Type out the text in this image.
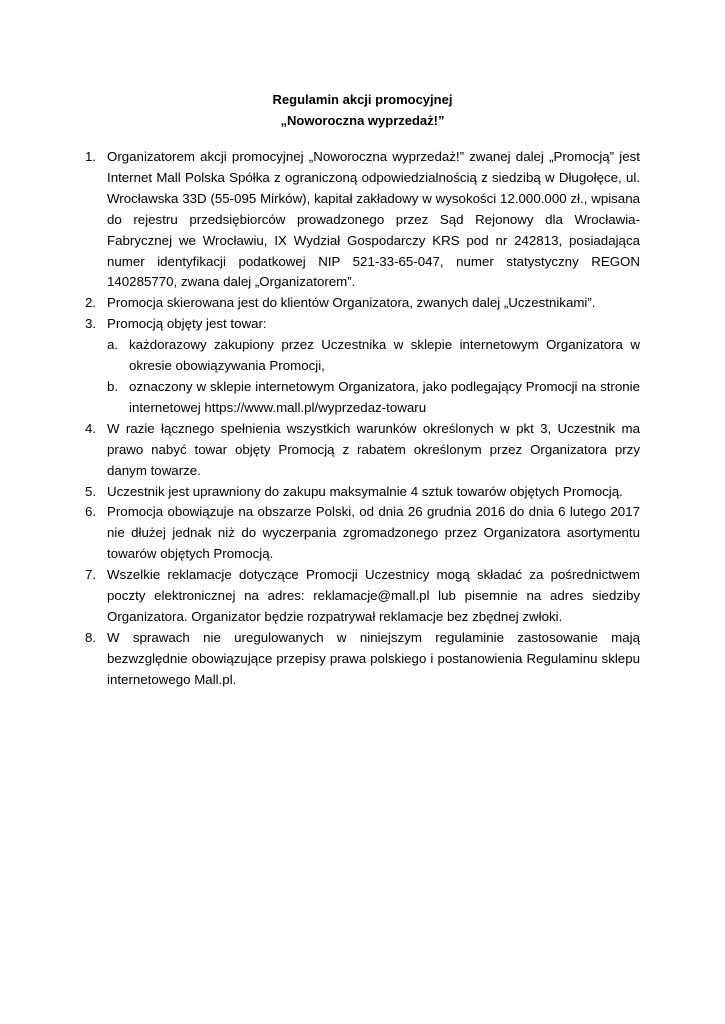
Regulamin akcji promocyjnej
„Noworoczna wyprzedaż!”
1. Organizatorem akcji promocyjnej „Noworoczna wyprzedaż!” zwanej dalej „Promocją” jest Internet Mall Polska Spółka z ograniczoną odpowiedzialnością z siedzibą w Długołęce, ul. Wrocławska 33D (55-095 Mirków), kapitał zakładowy w wysokości 12.000.000 zł., wpisana do rejestru przedsiębiorców prowadzonego przez Sąd Rejonowy dla Wrocławia-Fabrycznej we Wrocławiu, IX Wydział Gospodarczy KRS pod nr 242813, posiadająca numer identyfikacji podatkowej NIP 521-33-65-047, numer statystyczny REGON 140285770, zwana dalej „Organizatorem”.
2. Promocja skierowana jest do klientów Organizatora, zwanych dalej „Uczestnikami”.
3. Promocją objęty jest towar:
a. każdorazowy zakupiony przez Uczestnika w sklepie internetowym Organizatora w okresie obowiązywania Promocji,
b. oznaczony w sklepie internetowym Organizatora, jako podlegający Promocji na stronie internetowej https://www.mall.pl/wyprzedaz-towaru
4. W razie łącznego spełnienia wszystkich warunków określonych w pkt 3, Uczestnik ma prawo nabyć towar objęty Promocją z rabatem określonym przez Organizatora przy danym towarze.
5. Uczestnik jest uprawniony do zakupu maksymalnie 4 sztuk towarów objętych Promocją.
6. Promocja obowiązuje na obszarze Polski, od dnia 26 grudnia 2016 do dnia 6 lutego 2017 nie dłużej jednak niż do wyczerpania zgromadzonego przez Organizatora asortymentu towarów objętych Promocją.
7. Wszelkie reklamacje dotyczące Promocji Uczestnicy mogą składać za pośrednictwem poczty elektronicznej na adres: reklamacje@mall.pl lub pisemnie na adres siedziby Organizatora. Organizator będzie rozpatrywał reklamacje bez zbędnej zwłoki.
8. W sprawach nie uregulowanych w niniejszym regulaminie zastosowanie mają bezwzględnie obowiązujące przepisy prawa polskiego i postanowienia Regulaminu sklepu internetowego Mall.pl.
